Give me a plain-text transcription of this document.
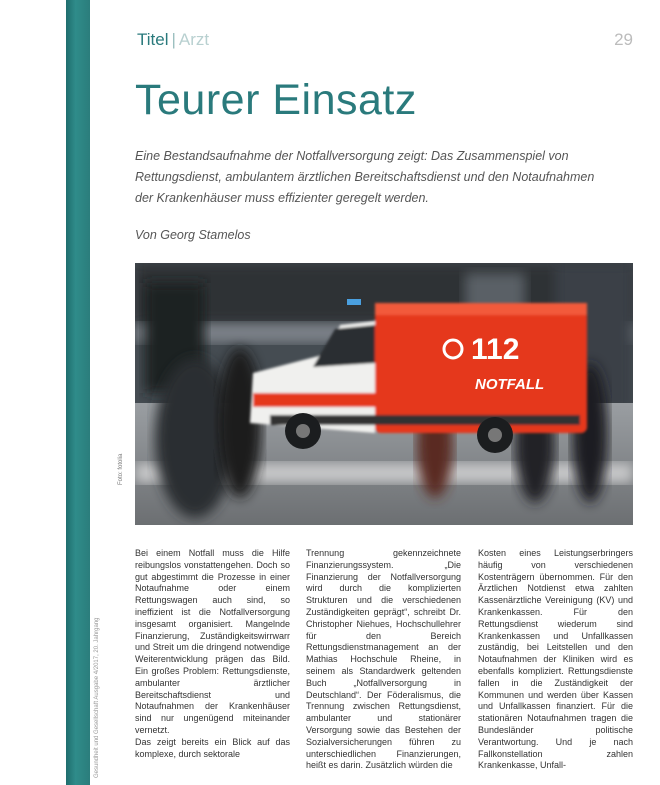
Gesundheit und Gesellschaft Ausgabe 4/2017, 20. Jahrgang
Titel | Arzt	29
Teurer Einsatz

Eine Bestandsaufnahme der Notfallversorgung zeigt: Das Zusammenspiel von Rettungsdienst, ambulantem ärztlichen Bereitschaftsdienst und den Notaufnahmen der Krankenhäuser muss effizienter geregelt werden.

Von Georg Stamelos

112
NOTFALL
Foto: fotolia

Bei einem Notfall muss die Hilfe reibungslos vonstattengehen. Doch so gut abgestimmt die Prozesse in einer Notaufnahme oder einem Rettungswagen auch sind, so ineffizient ist die Notfallversorgung insgesamt organisiert. Mangelnde Finanzierung, Zuständigkeitswirrwarr und Streit um die dringend notwendige Weiterentwicklung prägen das Bild. Ein großes Problem: Rettungsdienste, ambulanter ärztlicher Bereitschaftsdienst und Notaufnahmen der Krankenhäuser sind nur ungenügend miteinander vernetzt.

Das zeigt bereits ein Blick auf das komplexe, durch sektorale

Trennung gekennzeichnete Finanzierungssystem. „Die Finanzierung der Notfallversorgung wird durch die komplizierten Strukturen und die verschiedenen Zuständigkeiten geprägt“, schreibt Dr. Christopher Niehues, Hochschullehrer für den Bereich Rettungsdienstmanagement an der Mathias Hochschule Rheine, in seinem als Standardwerk geltenden Buch „Notfallversorgung in Deutschland“. Der Föderalismus, die Trennung zwischen Rettungsdienst, ambulanter und stationärer Versorgung sowie das Bestehen der Sozialversicherungen führen zu unterschiedlichen Finanzierungen, heißt es darin. Zusätzlich würden die

Kosten eines Leistungserbringers häufig von verschiedenen Kostenträgern übernommen. Für den Ärztlichen Notdienst etwa zahlten Kassenärztliche Vereinigung (KV) und Krankenkassen. Für den Rettungsdienst wiederum sind Krankenkassen und Unfallkassen zuständig, bei Leitstellen und den Notaufnahmen der Kliniken wird es ebenfalls kompliziert. Rettungsdienste fallen in die Zuständigkeit der Kommunen und werden über Kassen und Unfallkassen finanziert. Für die stationären Notaufnahmen tragen die Bundesländer politische Verantwortung. Und je nach Fallkonstellation zahlen Krankenkasse, Unfall-
